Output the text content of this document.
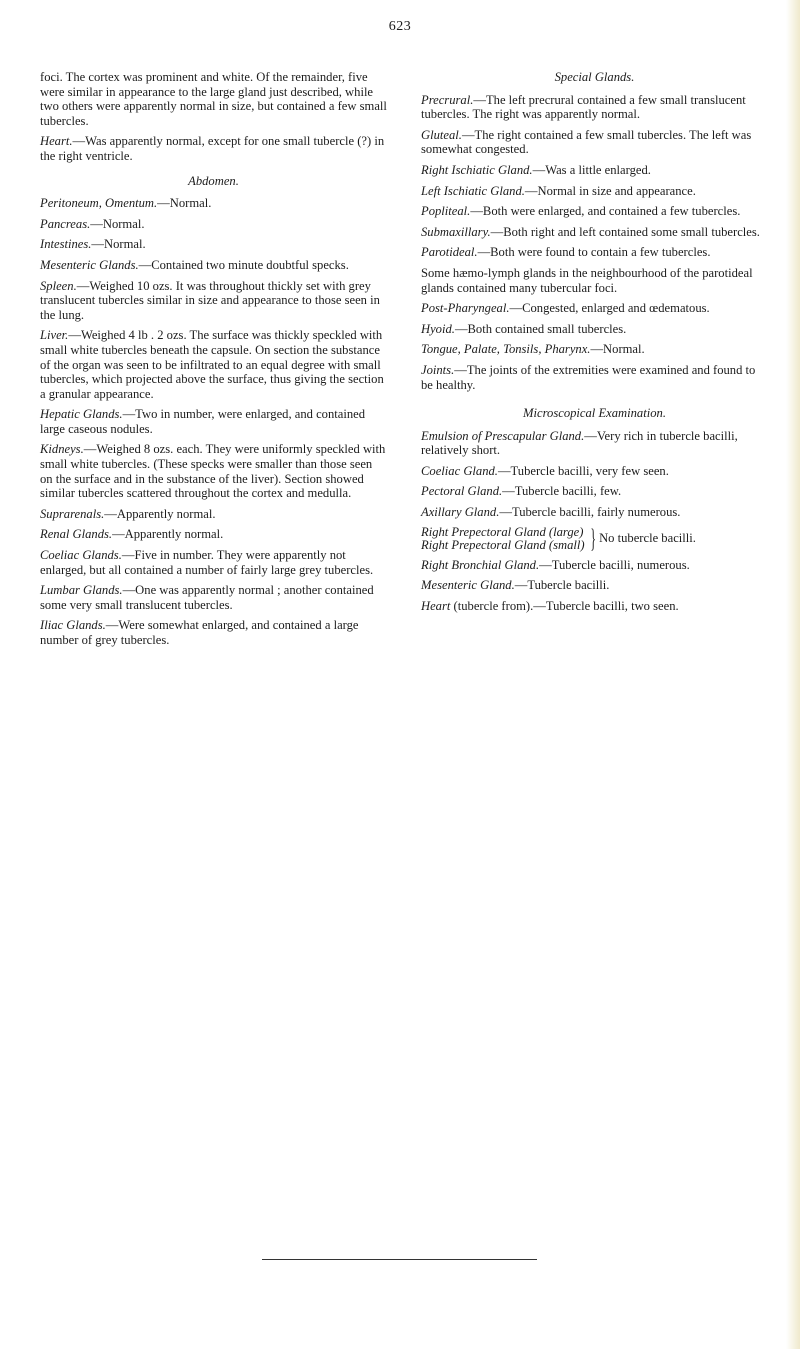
623

foci. The cortex was prominent and white. Of the remainder, five were similar in appearance to the large gland just described, while two others were apparently normal in size, but contained a few small tubercles.

Heart.—Was apparently normal, except for one small tubercle (?) in the right ventricle.

Abdomen.

Peritoneum, Omentum.—Normal.

Pancreas.—Normal.

Intestines.—Normal.

Mesenteric Glands.—Contained two minute doubtful specks.

Spleen.—Weighed 10 ozs. It was throughout thickly set with grey translucent tubercles similar in size and appearance to those seen in the lung.

Liver.—Weighed 4 lb . 2 ozs. The surface was thickly speckled with small white tubercles beneath the capsule. On section the substance of the organ was seen to be infiltrated to an equal degree with small tubercles, which projected above the surface, thus giving the section a granular appearance.

Hepatic Glands.—Two in number, were enlarged, and contained large caseous nodules.

Kidneys.—Weighed 8 ozs. each. They were uniformly speckled with small white tubercles. (These specks were smaller than those seen on the surface and in the substance of the liver). Section showed similar tubercles scattered throughout the cortex and medulla.

Suprarenals.—Apparently normal.

Renal Glands.—Apparently normal.

Coeliac Glands.—Five in number. They were apparently not enlarged, but all contained a number of fairly large grey tubercles.

Lumbar Glands.—One was apparently normal ; another contained some very small translucent tubercles.

Iliac Glands.—Were somewhat enlarged, and contained a large number of grey tubercles.

Special Glands.

Precrural.—The left precrural contained a few small translucent tubercles. The right was apparently normal.

Gluteal.—The right contained a few small tubercles. The left was somewhat congested.

Right Ischiatic Gland.—Was a little enlarged.

Left Ischiatic Gland.—Normal in size and appearance.

Popliteal.—Both were enlarged, and contained a few tubercles.

Submaxillary.—Both right and left contained some small tubercles.

Parotideal.—Both were found to contain a few tubercles.

Some hæmo-lymph glands in the neighbourhood of the parotideal glands contained many tubercular foci.

Post-Pharyngeal.—Congested, enlarged and œdematous.

Hyoid.—Both contained small tubercles.

Tongue, Palate, Tonsils, Pharynx.—Normal.

Joints.—The joints of the extremities were examined and found to be healthy.

Microscopical Examination.

Emulsion of Prescapular Gland.—Very rich in tubercle bacilli, relatively short.

Coeliac Gland.—Tubercle bacilli, very few seen.

Pectoral Gland.—Tubercle bacilli, few.

Axillary Gland.—Tubercle bacilli, fairly numerous.

Right Prepectoral Gland (large)
Right Prepectoral Gland (small) } No tubercle bacilli.

Right Bronchial Gland.—Tubercle bacilli, numerous.

Mesenteric Gland.—Tubercle bacilli.

Heart (tubercle from).—Tubercle bacilli, two seen.
